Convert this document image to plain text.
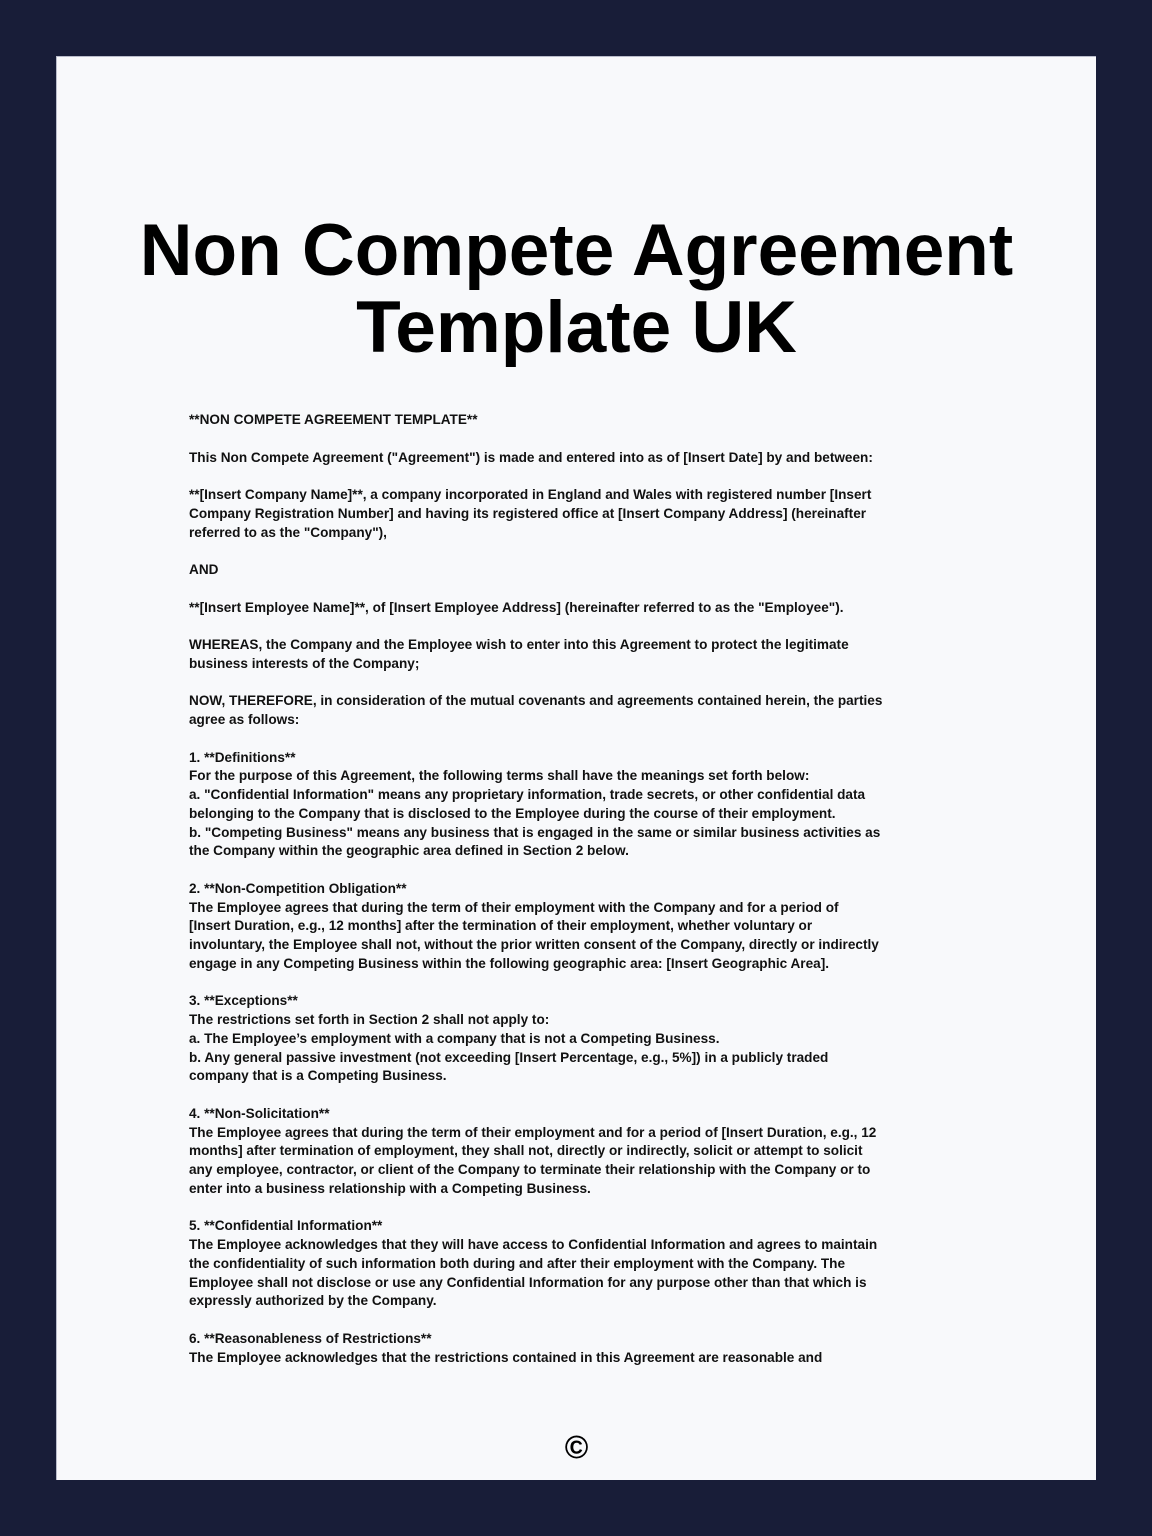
Non Compete Agreement
Template UK
**NON COMPETE AGREEMENT TEMPLATE**
This Non Compete Agreement ("Agreement") is made and entered into as of [Insert Date] by and between:
**[Insert Company Name]**, a company incorporated in England and Wales with registered number [Insert
Company Registration Number] and having its registered office at [Insert Company Address] (hereinafter
referred to as the "Company"),
AND
**[Insert Employee Name]**, of [Insert Employee Address] (hereinafter referred to as the "Employee").
WHEREAS, the Company and the Employee wish to enter into this Agreement to protect the legitimate
business interests of the Company;
NOW, THEREFORE, in consideration of the mutual covenants and agreements contained herein, the parties
agree as follows:
1. **Definitions**
For the purpose of this Agreement, the following terms shall have the meanings set forth below:
a. "Confidential Information" means any proprietary information, trade secrets, or other confidential data
belonging to the Company that is disclosed to the Employee during the course of their employment.
b. "Competing Business" means any business that is engaged in the same or similar business activities as
the Company within the geographic area defined in Section 2 below.
2. **Non-Competition Obligation**
The Employee agrees that during the term of their employment with the Company and for a period of
[Insert Duration, e.g., 12 months] after the termination of their employment, whether voluntary or
involuntary, the Employee shall not, without the prior written consent of the Company, directly or indirectly
engage in any Competing Business within the following geographic area: [Insert Geographic Area].
3. **Exceptions**
The restrictions set forth in Section 2 shall not apply to:
a. The Employee’s employment with a company that is not a Competing Business.
b. Any general passive investment (not exceeding [Insert Percentage, e.g., 5%]) in a publicly traded
company that is a Competing Business.
4. **Non-Solicitation**
The Employee agrees that during the term of their employment and for a period of [Insert Duration, e.g., 12
months] after termination of employment, they shall not, directly or indirectly, solicit or attempt to solicit
any employee, contractor, or client of the Company to terminate their relationship with the Company or to
enter into a business relationship with a Competing Business.
5. **Confidential Information**
The Employee acknowledges that they will have access to Confidential Information and agrees to maintain
the confidentiality of such information both during and after their employment with the Company. The
Employee shall not disclose or use any Confidential Information for any purpose other than that which is
expressly authorized by the Company.
6. **Reasonableness of Restrictions**
The Employee acknowledges that the restrictions contained in this Agreement are reasonable and
©
